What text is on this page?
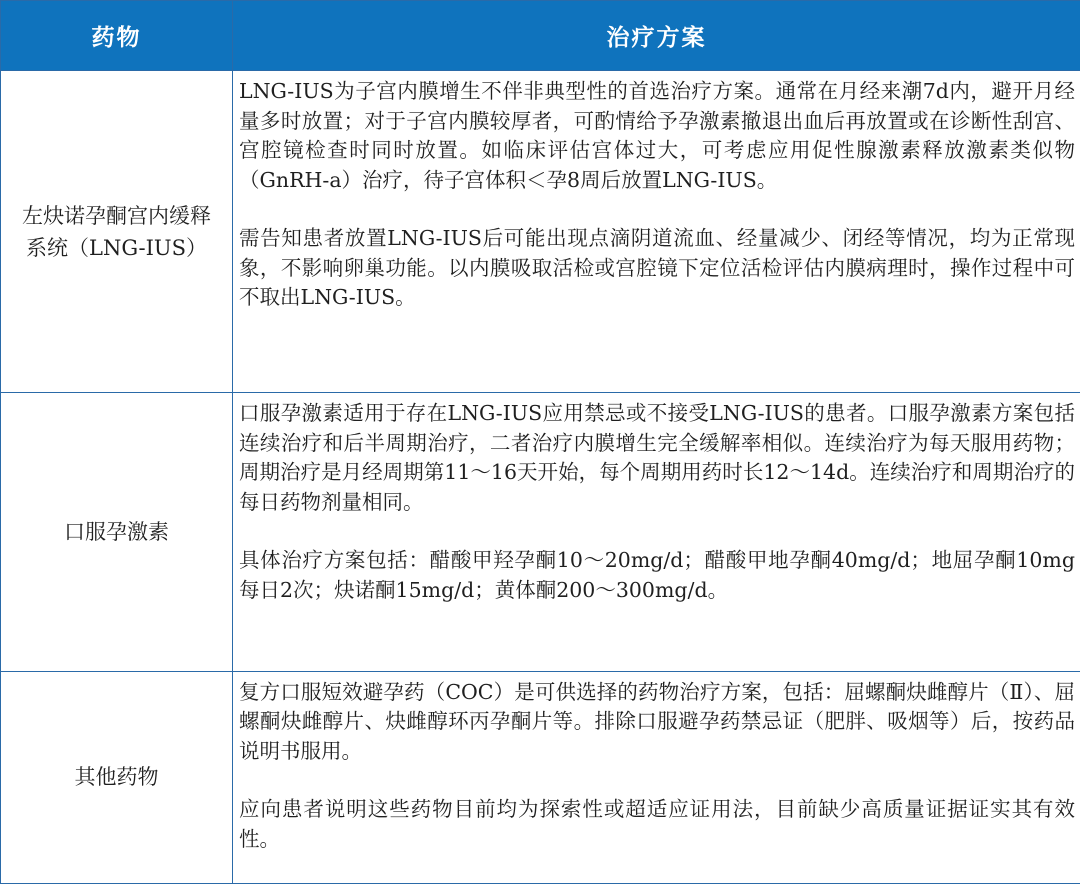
药物	治疗方案
左炔诺孕酮宫内缓释系统（LNG-IUS）	LNG-IUS为子宫内膜增生不伴非典型性的首选治疗方案。通常在月经来潮7d内，避开月经量多时放置；对于子宫内膜较厚者，可酌情给予孕激素撤退出血后再放置或在诊断性刮宫、宫腔镜检查时同时放置。如临床评估宫体过大，可考虑应用促性腺激素释放激素类似物（GnRH-a）治疗，待子宫体积＜孕8周后放置LNG-IUS。

需告知患者放置LNG-IUS后可能出现点滴阴道流血、经量减少、闭经等情况，均为正常现象，不影响卵巢功能。以内膜吸取活检或宫腔镜下定位活检评估内膜病理时，操作过程中可不取出LNG-IUS。

口服孕激素	口服孕激素适用于存在LNG-IUS应用禁忌或不接受LNG-IUS的患者。口服孕激素方案包括连续治疗和后半周期治疗，二者治疗内膜增生完全缓解率相似。连续治疗为每天服用药物；周期治疗是月经周期第11～16天开始，每个周期用药时长12～14d。连续治疗和周期治疗的每日药物剂量相同。

具体治疗方案包括：醋酸甲羟孕酮10～20mg/d；醋酸甲地孕酮40mg/d；地屈孕酮10mg 每日2次；炔诺酮15mg/d；黄体酮200～300mg/d。

其他药物	复方口服短效避孕药（COC）是可供选择的药物治疗方案，包括：屈螺酮炔雌醇片（Ⅱ）、屈螺酮炔雌醇片、炔雌醇环丙孕酮片等。排除口服避孕药禁忌证（肥胖、吸烟等）后，按药品说明书服用。

应向患者说明这些药物目前均为探索性或超适应证用法，目前缺少高质量证据证实其有效性。
